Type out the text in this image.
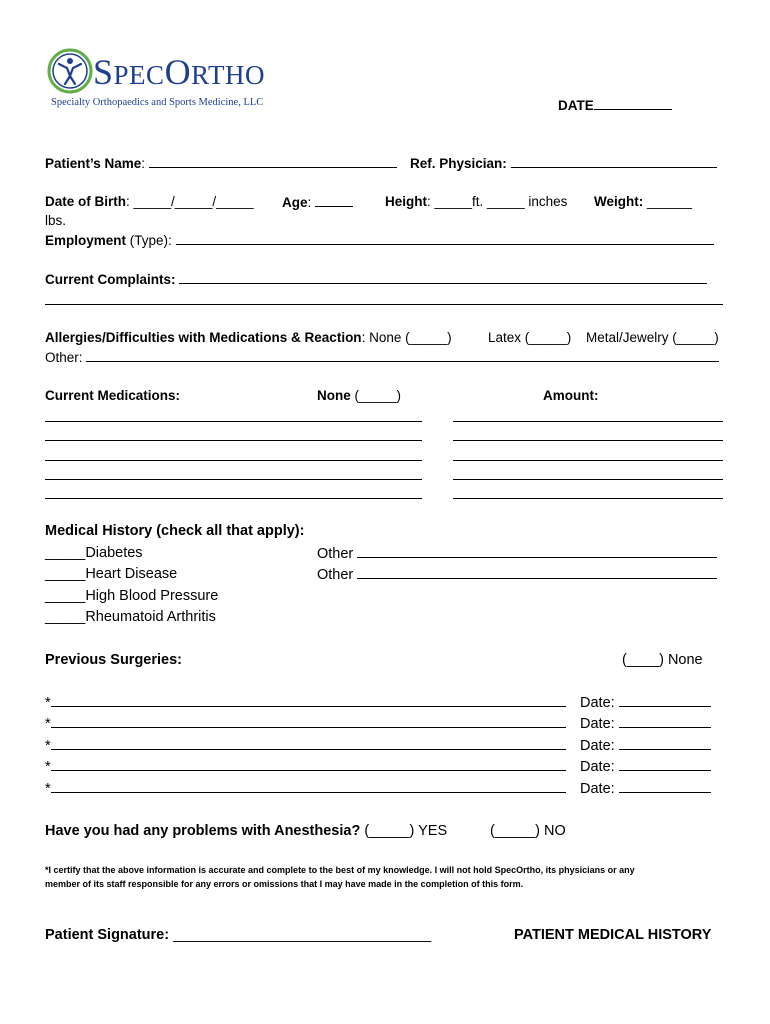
SPECORTHO
Specialty Orthopaedics and Sports Medicine, LLC	DATE
Patient’s Name:	Ref. Physician:
Date of Birth: _____/_____/_____ Age:	Height: _____ft. _____ inches Weight: ______
lbs.
Employment (Type):
Current Complaints:
Allergies/Difficulties with Medications & Reaction: None (_____)	Latex (_____) Metal/Jewelry (_____)
Other:
Current Medications:	None (_____)	Amount:
Medical History (check all that apply):
_____Diabetes
_____Heart Disease
_____High Blood Pressure
_____Rheumatoid Arthritis
Other
Other
Previous Surgeries:	(____) None
*	Date:
*	Date:
*	Date:
*	Date:
*	Date:
Have you had any problems with Anesthesia? (_____) YES	(_____) NO
*I certify that the above information is accurate and complete to the best of my knowledge. I will not hold SpecOrtho, its physicians or any
member of its staff responsible for any errors or omissions that I may have made in the completion of this form.
Patient Signature: ________________________________	PATIENT MEDICAL HISTORY
